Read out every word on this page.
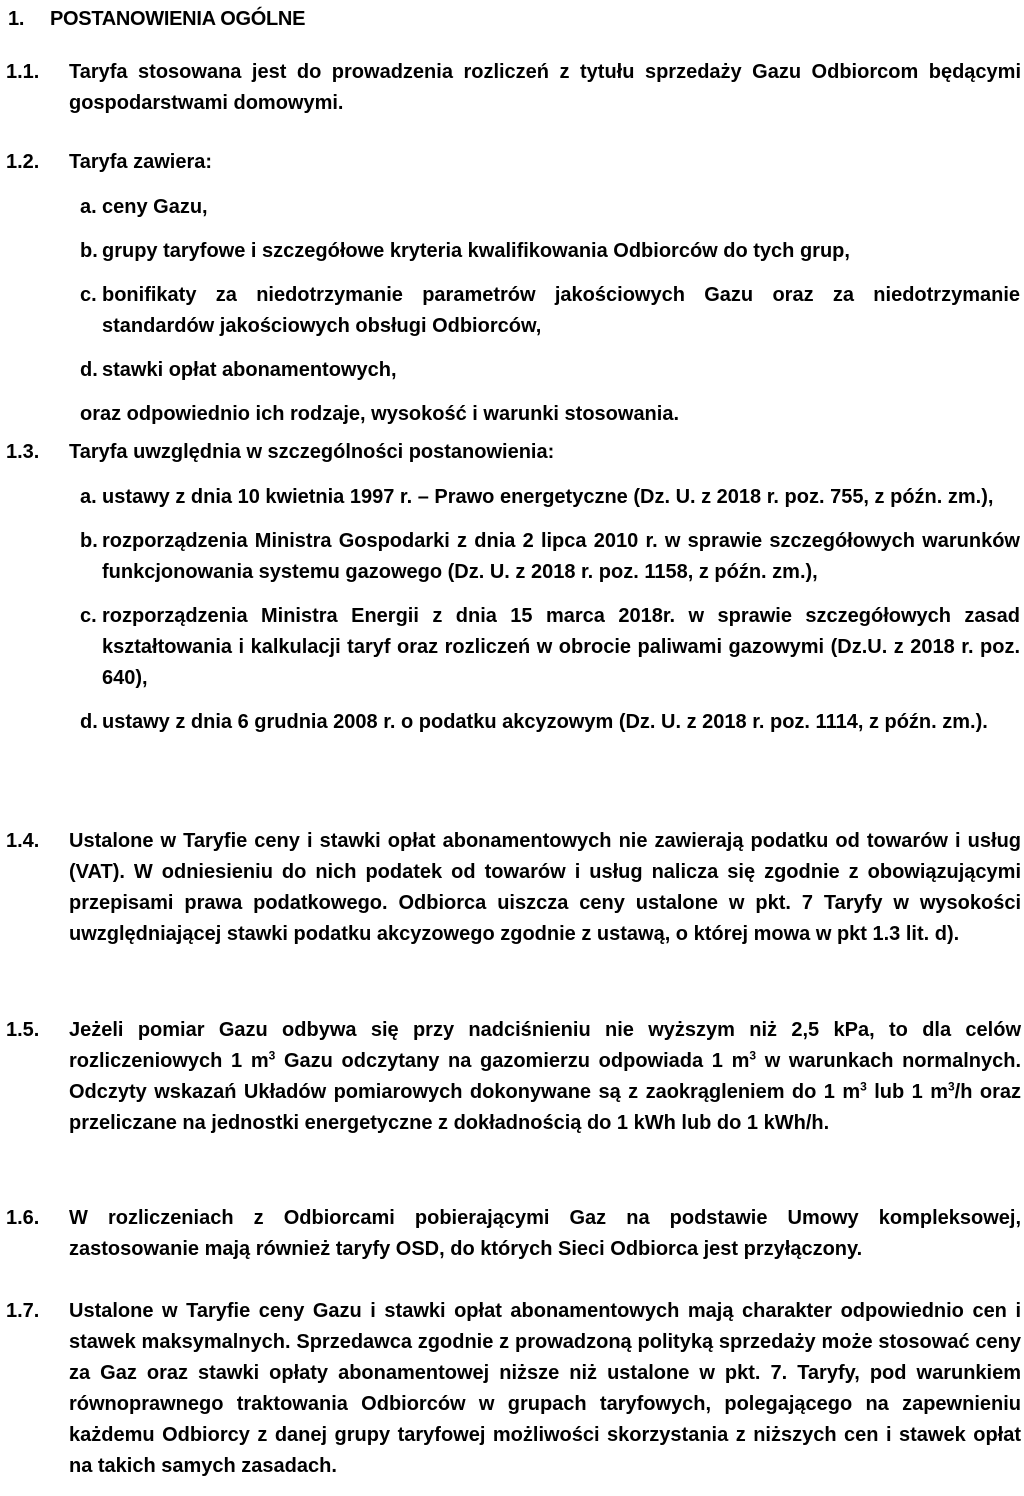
1. POSTANOWIENIA OGÓLNE
1.1.	Taryfa stosowana jest do prowadzenia rozliczeń z tytułu sprzedaży Gazu Odbiorcom będącymi gospodarstwami domowymi.
1.2.	Taryfa zawiera:
a. ceny Gazu,
b. grupy taryfowe i szczegółowe kryteria kwalifikowania Odbiorców do tych grup,
c. bonifikaty za niedotrzymanie parametrów jakościowych Gazu oraz za niedotrzymanie standardów jakościowych obsługi Odbiorców,
d. stawki opłat abonamentowych,
oraz odpowiednio ich rodzaje, wysokość i warunki stosowania.
1.3.	Taryfa uwzględnia w szczególności postanowienia:
a. ustawy z dnia 10 kwietnia 1997 r. – Prawo energetyczne (Dz. U. z 2018 r. poz. 755, z późn. zm.),
b. rozporządzenia Ministra Gospodarki z dnia 2 lipca 2010 r. w sprawie szczegółowych warunków funkcjonowania systemu gazowego (Dz. U. z 2018 r. poz. 1158, z późn. zm.),
c. rozporządzenia Ministra Energii z dnia 15 marca 2018r. w sprawie szczegółowych zasad kształtowania i kalkulacji taryf oraz rozliczeń w obrocie paliwami gazowymi (Dz.U. z 2018 r. poz. 640),
d. ustawy z dnia 6 grudnia 2008 r. o podatku akcyzowym (Dz. U. z 2018 r. poz. 1114, z późn. zm.).
1.4.	Ustalone w Taryfie ceny i stawki opłat abonamentowych nie zawierają podatku od towarów i usług (VAT). W odniesieniu do nich podatek od towarów i usług nalicza się zgodnie z obowiązującymi przepisami prawa podatkowego. Odbiorca uiszcza ceny ustalone w pkt. 7 Taryfy w wysokości uwzględniającej stawki podatku akcyzowego zgodnie z ustawą, o której mowa w pkt 1.3 lit. d).
1.5.	Jeżeli pomiar Gazu odbywa się przy nadciśnieniu nie wyższym niż 2,5 kPa, to dla celów rozliczeniowych 1 $m^3$ Gazu odczytany na gazomierzu odpowiada 1 $m^3$ w warunkach normalnych. Odczyty wskazań Układów pomiarowych dokonywane są z zaokrągleniem do 1 $m^3$ lub 1 $m^3/h$ oraz przeliczane na jednostki energetyczne z dokładnością do 1 kWh lub do 1 kWh/h.
1.6.	W rozliczeniach z Odbiorcami pobierającymi Gaz na podstawie Umowy kompleksowej, zastosowanie mają również taryfy OSD, do których Sieci Odbiorca jest przyłączony.
1.7.	Ustalone w Taryfie ceny Gazu i stawki opłat abonamentowych mają charakter odpowiednio cen i stawek maksymalnych. Sprzedawca zgodnie z prowadzoną polityką sprzedaży może stosować ceny za Gaz oraz stawki opłaty abonamentowej niższe niż ustalone w pkt. 7. Taryfy, pod warunkiem równoprawnego traktowania Odbiorców w grupach taryfowych, polegającego na zapewnieniu każdemu Odbiorcy z danej grupy taryfowej możliwości skorzystania z niższych cen i stawek opłat na takich samych zasadach.
